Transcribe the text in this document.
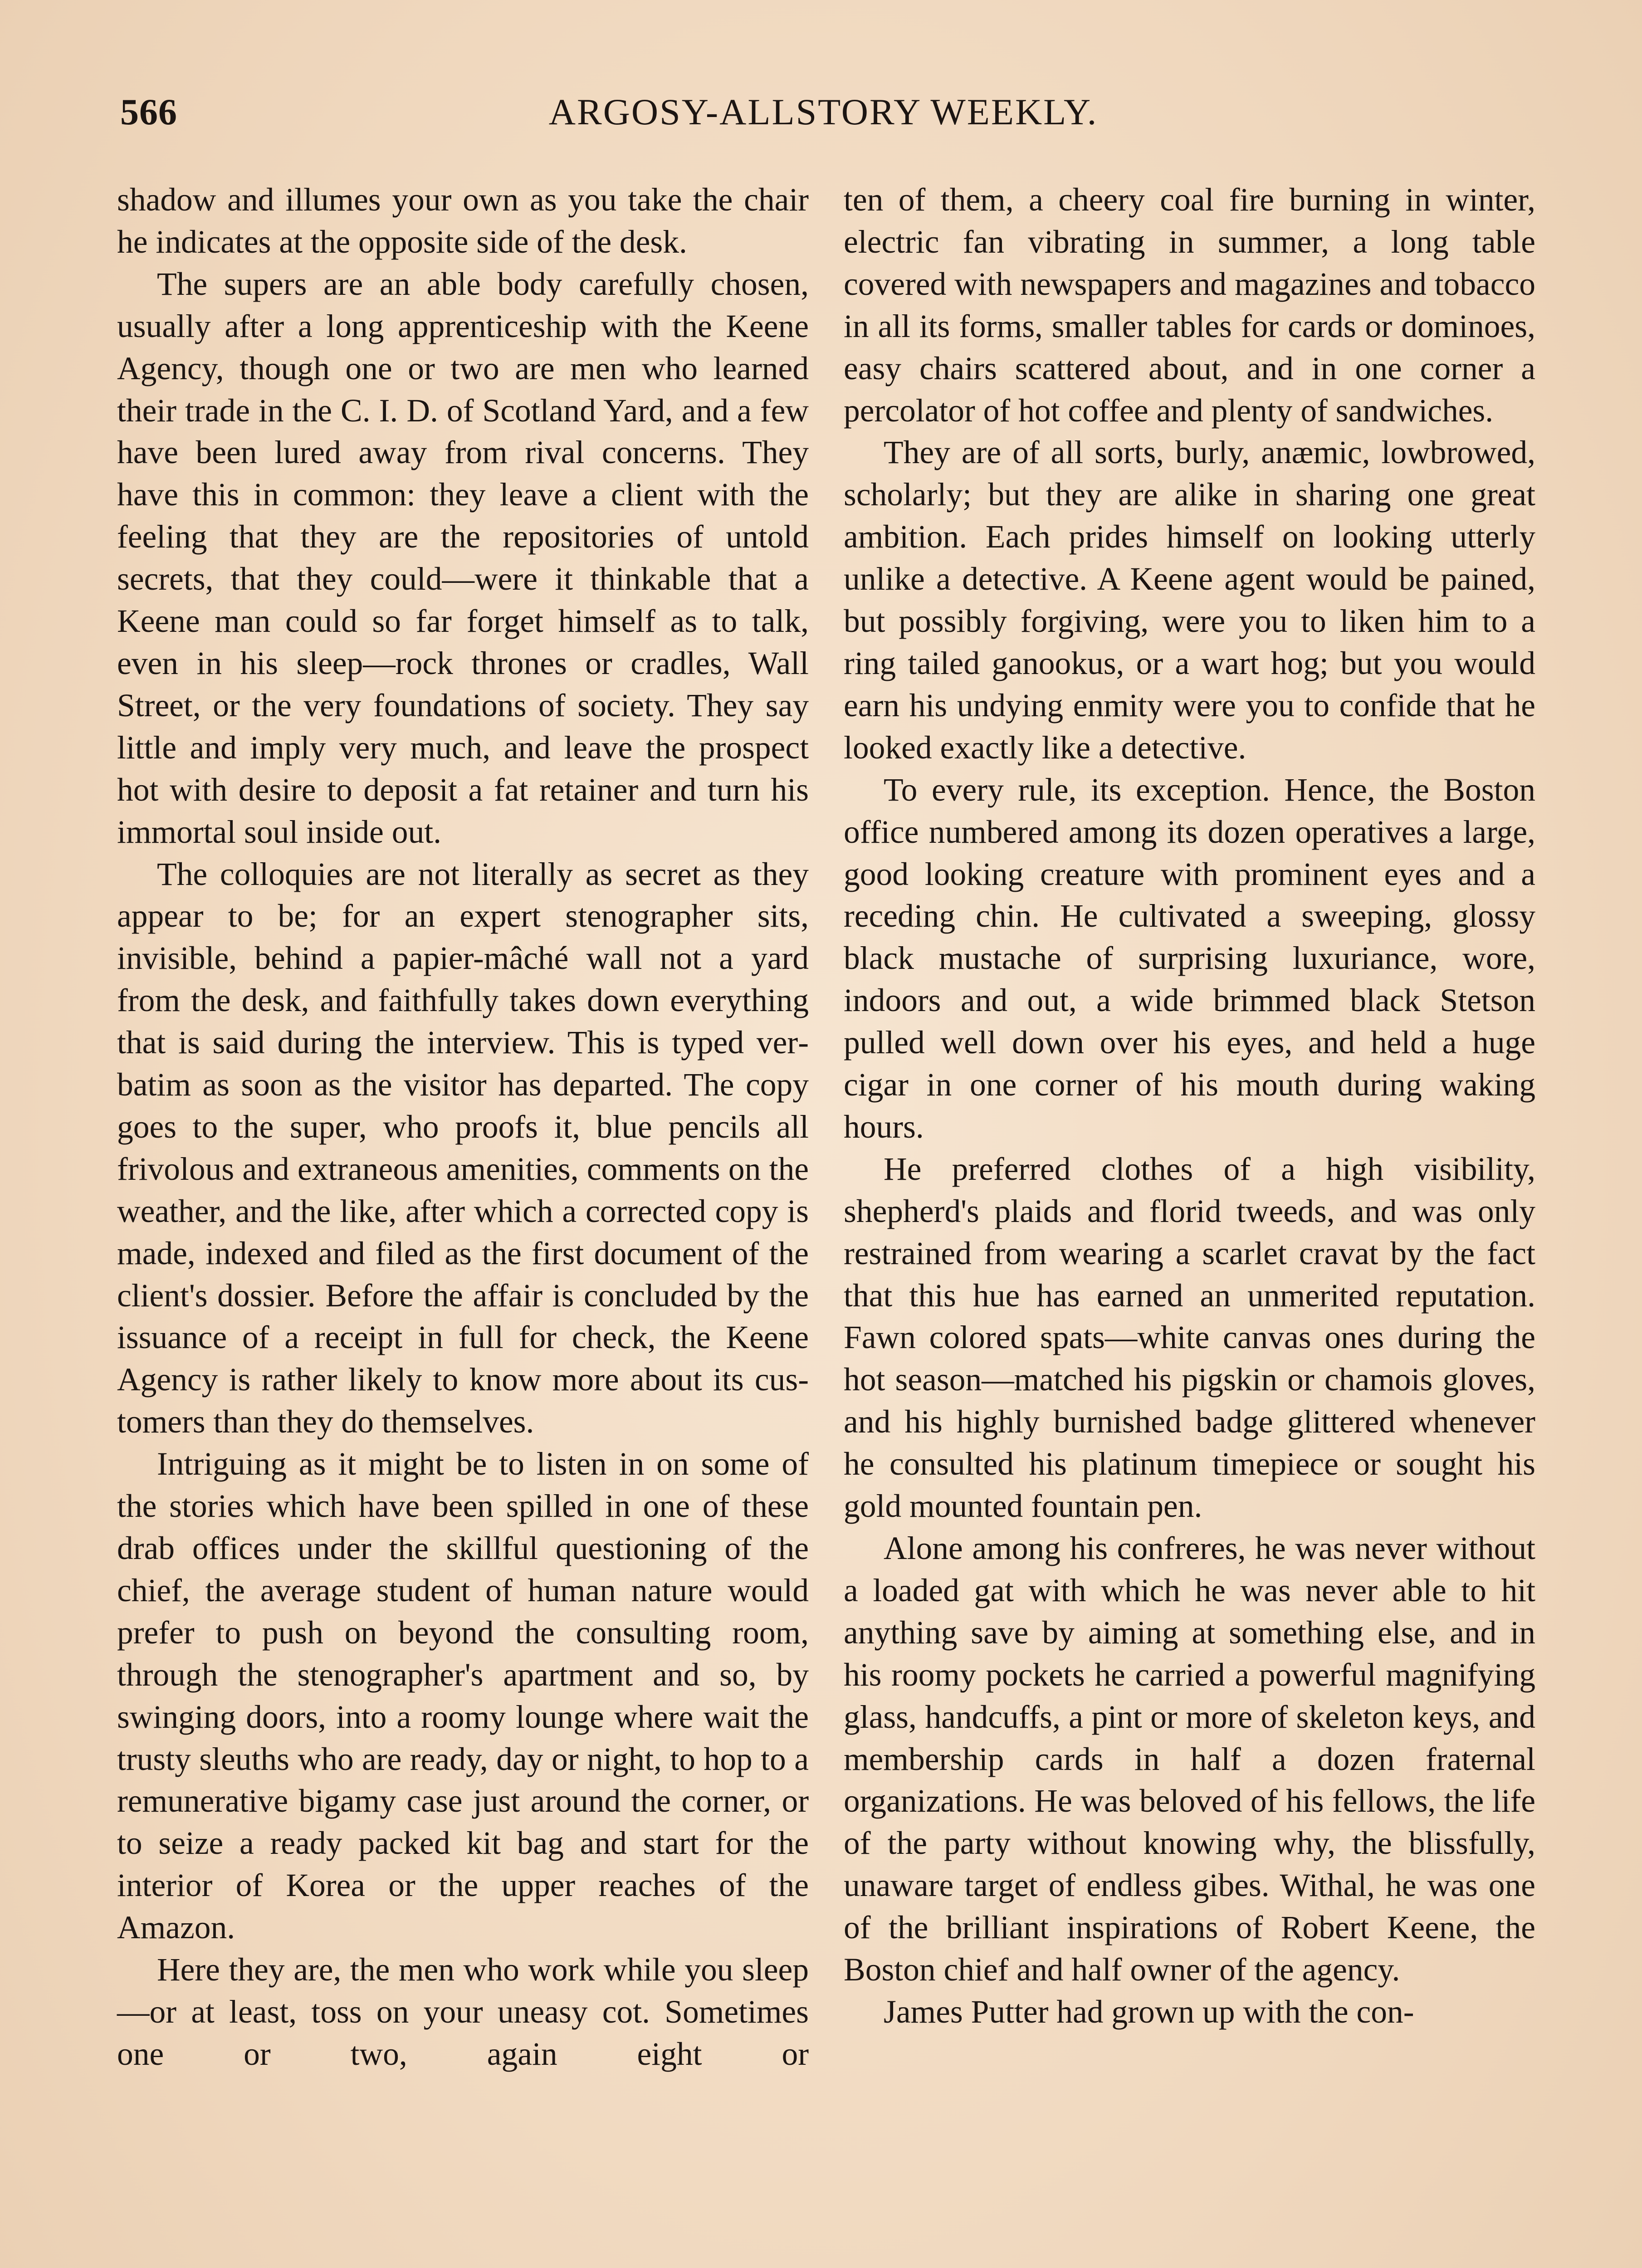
566	ARGOSY-ALLSTORY WEEKLY.

shadow and illumes your own as you take the chair he indicates at the opposite side of the desk.

The supers are an able body carefully chosen, usually after a long apprenticeship with the Keene Agency, though one or two are men who learned their trade in the C. I. D. of Scotland Yard, and a few have been lured away from rival concerns. They have this in common: they leave a client with the feeling that they are the repositories of untold secrets, that they could—were it thinkable that a Keene man could so far forget himself as to talk, even in his sleep—rock thrones or cradles, Wall Street, or the very foundations of society. They say little and imply very much, and leave the prospect hot with desire to deposit a fat retainer and turn his immortal soul inside out.

The colloquies are not literally as secret as they appear to be; for an expert stenographer sits, invisible, behind a papier-mâché wall not a yard from the desk, and faithfully takes down everything that is said during the interview. This is typed verbatim as soon as the visitor has departed. The copy goes to the super, who proofs it, blue pencils all frivolous and extraneous amenities, comments on the weather, and the like, after which a corrected copy is made, indexed and filed as the first document of the client's dossier. Before the affair is concluded by the issuance of a receipt in full for check, the Keene Agency is rather likely to know more about its customers than they do themselves.

Intriguing as it might be to listen in on some of the stories which have been spilled in one of these drab offices under the skillful questioning of the chief, the average student of human nature would prefer to push on beyond the consulting room, through the stenographer's apartment and so, by swinging doors, into a roomy lounge where wait the trusty sleuths who are ready, day or night, to hop to a remunerative bigamy case just around the corner, or to seize a ready packed kit bag and start for the interior of Korea or the upper reaches of the Amazon.

Here they are, the men who work while you sleep—or at least, toss on your uneasy cot. Sometimes one or two, again eight or

ten of them, a cheery coal fire burning in winter, electric fan vibrating in summer, a long table covered with newspapers and magazines and tobacco in all its forms, smaller tables for cards or dominoes, easy chairs scattered about, and in one corner a percolator of hot coffee and plenty of sandwiches.

They are of all sorts, burly, anæmic, lowbrowed, scholarly; but they are alike in sharing one great ambition. Each prides himself on looking utterly unlike a detective. A Keene agent would be pained, but possibly forgiving, were you to liken him to a ring tailed ganookus, or a wart hog; but you would earn his undying enmity were you to confide that he looked exactly like a detective.

To every rule, its exception. Hence, the Boston office numbered among its dozen operatives a large, good looking creature with prominent eyes and a receding chin. He cultivated a sweeping, glossy black mustache of surprising luxuriance, wore, indoors and out, a wide brimmed black Stetson pulled well down over his eyes, and held a huge cigar in one corner of his mouth during waking hours.

He preferred clothes of a high visibility, shepherd's plaids and florid tweeds, and was only restrained from wearing a scarlet cravat by the fact that this hue has earned an unmerited reputation. Fawn colored spats—white canvas ones during the hot season—matched his pigskin or chamois gloves, and his highly burnished badge glittered whenever he consulted his platinum timepiece or sought his gold mounted fountain pen.

Alone among his confreres, he was never without a loaded gat with which he was never able to hit anything save by aiming at something else, and in his roomy pockets he carried a powerful magnifying glass, handcuffs, a pint or more of skeleton keys, and membership cards in half a dozen fraternal organizations. He was beloved of his fellows, the life of the party without knowing why, the blissfully, unaware target of endless gibes. Withal, he was one of the brilliant inspirations of Robert Keene, the Boston chief and half owner of the agency.

James Putter had grown up with the con-
